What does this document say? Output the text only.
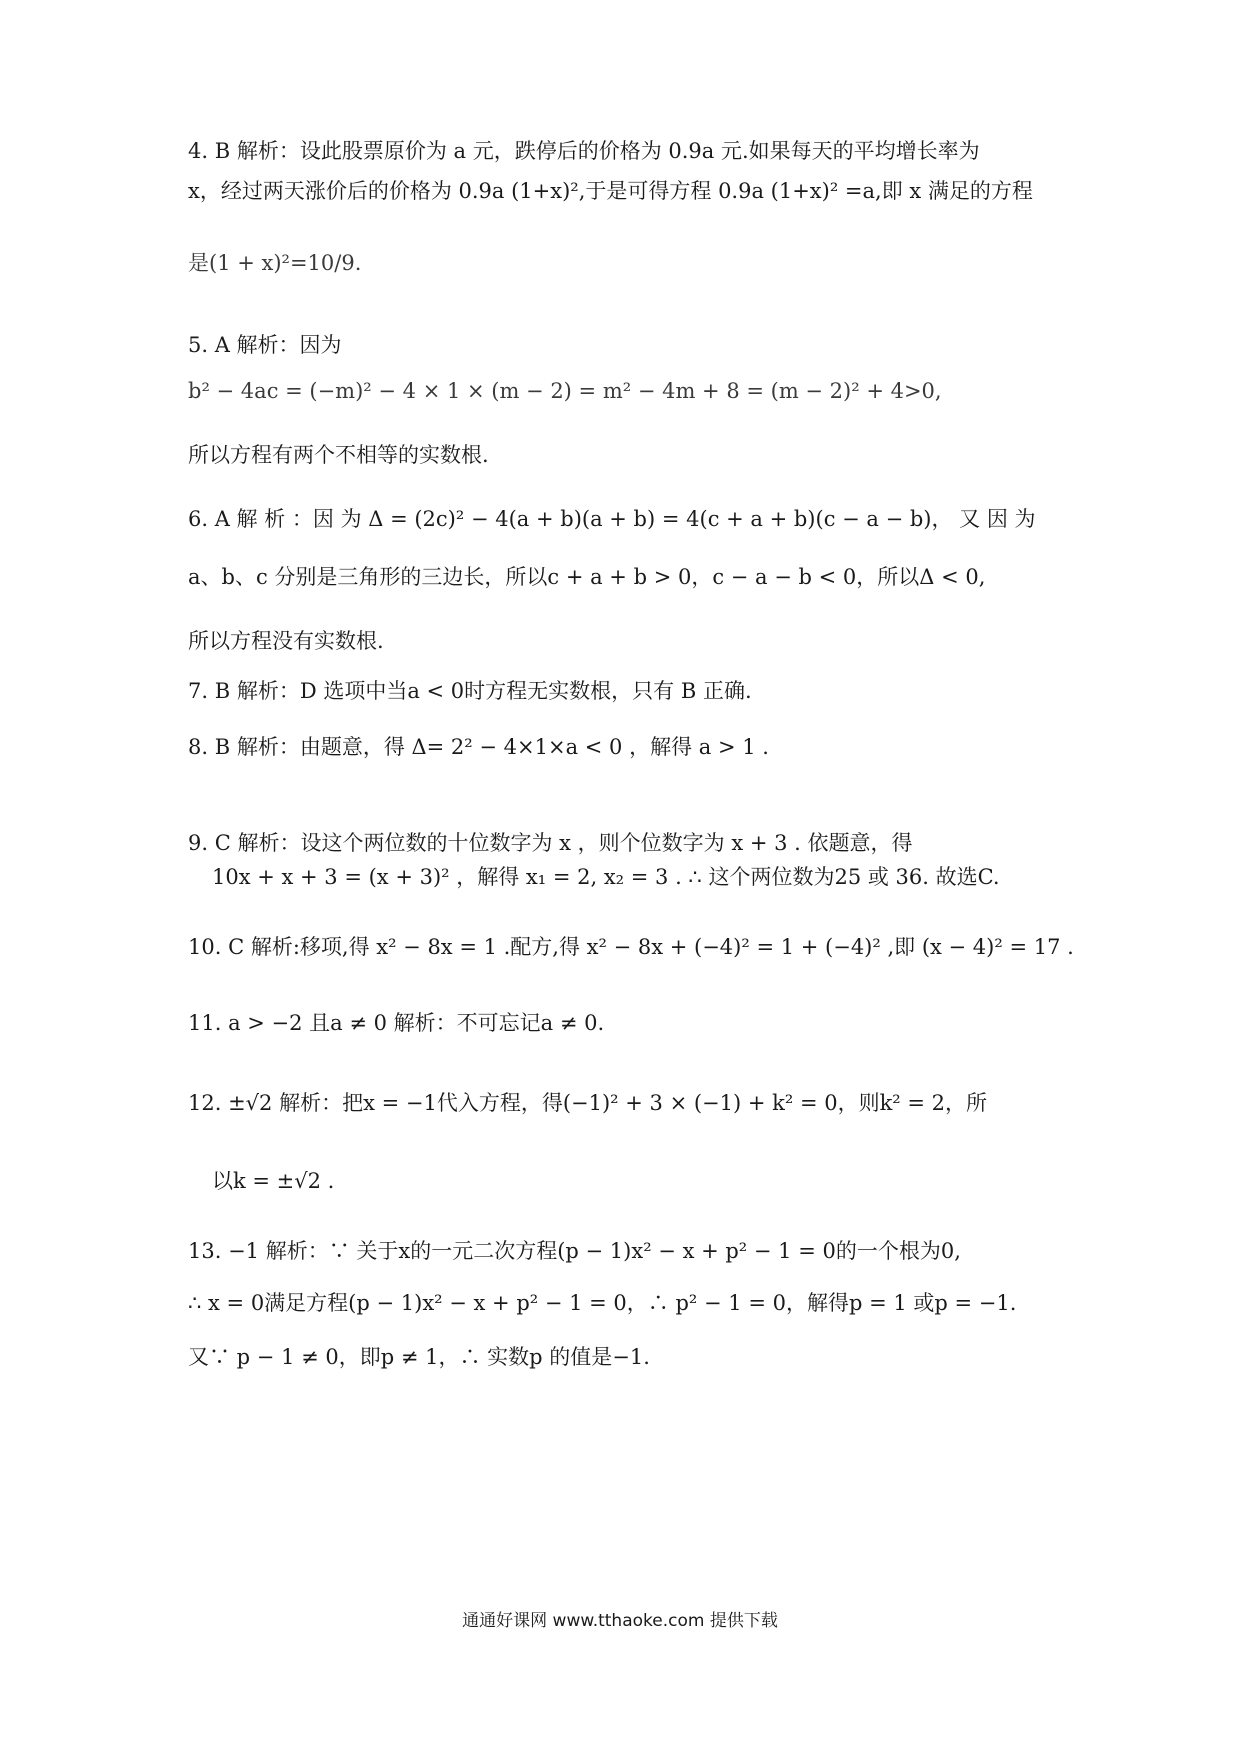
4. B 解析：设此股票原价为 a 元，跌停后的价格为 0.9a 元.如果每天的平均增长率为
x，经过两天涨价后的价格为 0.9a (1+x)²,于是可得方程 0.9a (1+x)² =a,即 x 满足的方程
是(1 + x)²=10/9.
5. A 解析：因为
b² − 4ac = (−m)² − 4 × 1 × (m − 2) = m² − 4m + 8 = (m − 2)² + 4>0,
所以方程有两个不相等的实数根.
6. A 解 析 ：因 为 Δ = (2c)² − 4(a + b)(a + b) = 4(c + a + b)(c − a − b)， 又 因 为
a、b、c 分别是三角形的三边长，所以c + a + b > 0，c − a − b < 0，所以Δ < 0,
所以方程没有实数根.
7. B 解析：D 选项中当a < 0时方程无实数根，只有 B 正确.
8. B 解析：由题意，得 Δ= 2² − 4×1×a < 0 ，解得 a > 1 .
9. C 解析：设这个两位数的十位数字为 x ，则个位数字为 x + 3 . 依题意，得
10x + x + 3 = (x + 3)² ，解得 x₁ = 2, x₂ = 3 . ∴ 这个两位数为25 或 36. 故选C.
10. C 解析:移项,得 x² − 8x = 1 .配方,得 x² − 8x + (−4)² = 1 + (−4)² ,即 (x − 4)² = 17 .
11. a > −2 且a ≠ 0 解析：不可忘记a ≠ 0.
12. ±√2 解析：把x = −1代入方程，得(−1)² + 3 × (−1) + k² = 0，则k² = 2，所
以k = ±√2 .
13. −1 解析：∵ 关于x的一元二次方程(p − 1)x² − x + p² − 1 = 0的一个根为0,
∴ x = 0满足方程(p − 1)x² − x + p² − 1 = 0，∴ p² − 1 = 0，解得p = 1 或p = −1.
又∵ p − 1 ≠ 0，即p ≠ 1，∴ 实数p 的值是−1.
通通好课网 www.tthaoke.com 提供下载
